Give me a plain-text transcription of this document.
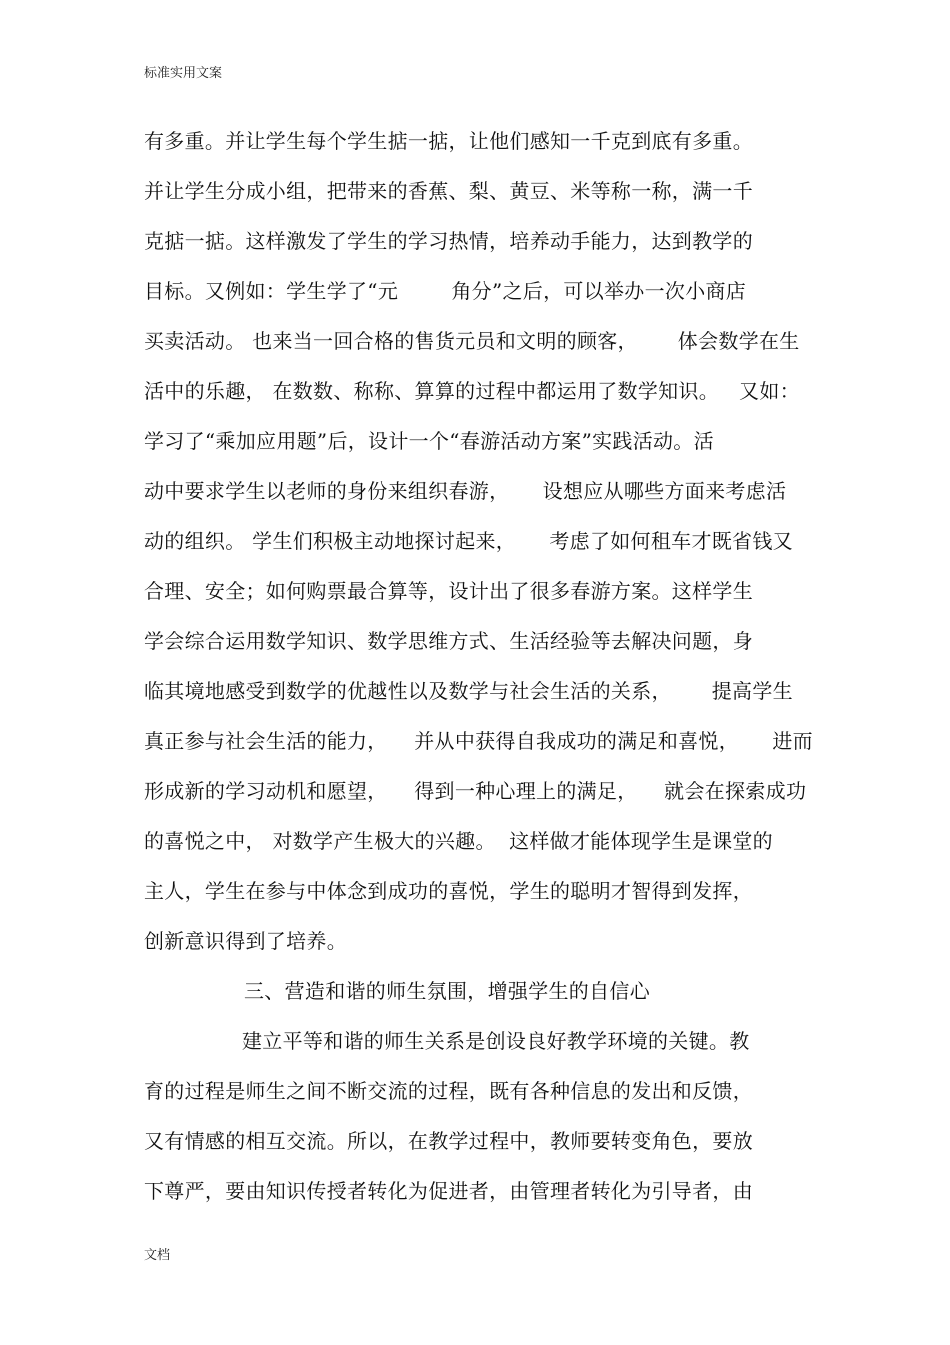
标准实用文案
有多重。并让学生每个学生掂一掂，让他们感知一千克到底有多重。
并让学生分成小组，把带来的香蕉、梨、黄豆、米等称一称，满一千
克掂一掂。这样激发了学生的学习热情，培养动手能力，达到教学的
目标。又例如：学生学了“元        角分”之后，可以举办一次小商店
买卖活动。 也来当一回合格的售货元员和文明的顾客，      体会数学在生
活中的乐趣， 在数数、称称、算算的过程中都运用了数学知识。   又如：
学习了“乘加应用题”后，设计一个“春游活动方案”实践活动。活
动中要求学生以老师的身份来组织春游，     设想应从哪些方面来考虑活
动的组织。 学生们积极主动地探讨起来，     考虑了如何租车才既省钱又
合理、安全；如何购票最合算等，设计出了很多春游方案。这样学生
学会综合运用数学知识、数学思维方式、生活经验等去解决问题，身
临其境地感受到数学的优越性以及数学与社会生活的关系，      提高学生
真正参与社会生活的能力，    并从中获得自我成功的满足和喜悦，     进而
形成新的学习动机和愿望，    得到一种心理上的满足，    就会在探索成功
的喜悦之中， 对数学产生极大的兴趣。  这样做才能体现学生是课堂的
主人，学生在参与中体念到成功的喜悦，学生的聪明才智得到发挥，
创新意识得到了培养。
三、营造和谐的师生氛围，增强学生的自信心
建立平等和谐的师生关系是创设良好教学环境的关键。教
育的过程是师生之间不断交流的过程，既有各种信息的发出和反馈，
又有情感的相互交流。所以，在教学过程中，教师要转变角色，要放
下尊严，要由知识传授者转化为促进者，由管理者转化为引导者，由
文档
